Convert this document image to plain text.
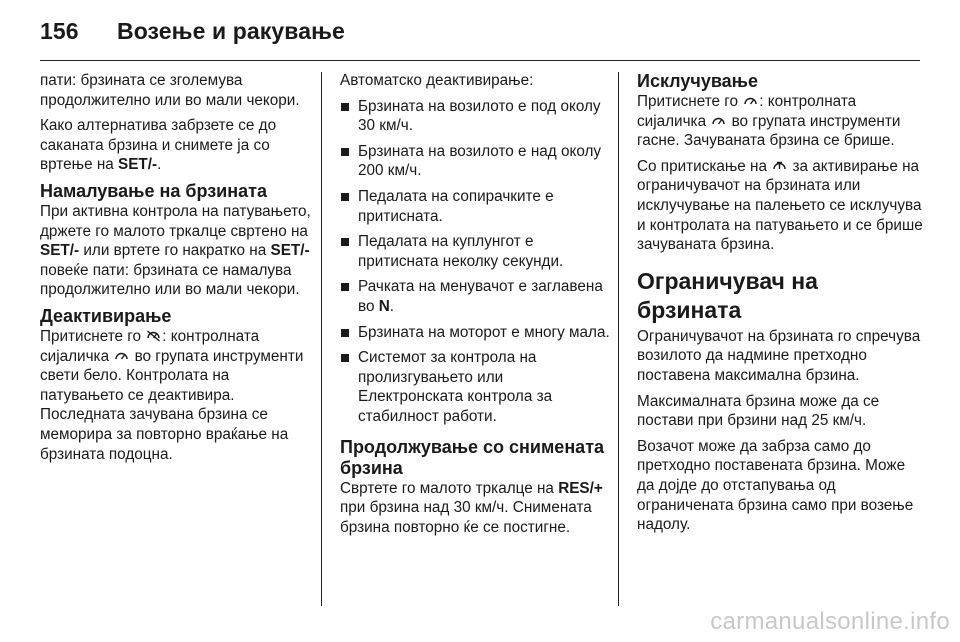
156 Возење и ракување

пати: брзината се зголемува продолжително или во мали чекори.

Како алтернатива забрзете се до саканата брзина и снимете ја со вртење на SET/-.

Намалување на брзината

При активна контрола на патувањето, држете го малото тркалце свртено на SET/- или вртете го накратко на SET/- повеќе пати: брзината се намалува продолжително или во мали чекори.

Деактивирање

Притиснете го
: контролната сијаличка
во групата инструменти свети бело. Контролата на патувањето се деактивира. Последната зачувана брзина се меморира за повторно враќање на брзината подоцна.

Автоматско деактивирање:

Брзината на возилото е под околу 30 км/ч.
Брзината на возилото е над околу 200 км/ч.
Педалата на сопирачките е притисната.
Педалата на куплунгот е притисната неколку секунди.
Рачката на менувачот е заглавена во N.
Брзината на моторот е многу мала.
Системот за контрола на пролизгувањето или Електронската контрола за стабилност работи.
Продолжување со снимената брзина

Свртете го малото тркалце на RES/+ при брзина над 30 км/ч. Снимената брзина повторно ќе се постигне.

Исклучување

Притиснете го
: контролната сијаличка
во групата инструменти гасне. Зачуваната брзина се брише.

Со притискање на
за активирање на ограничувачот на брзината или исклучување на палењето се исклучува и контролата на патувањето и се брише зачуваната брзина.

Ограничувач на брзината

Ограничувачот на брзината го спречува возилото да надмине претходно поставена максимална брзина.

Максималната брзина може да се постави при брзини над 25 км/ч.

Возачот може да забрза само до претходно поставената брзина. Може да дојде до отстапувања од ограничената брзина само при возење надолу.

carmanualsonline.info
